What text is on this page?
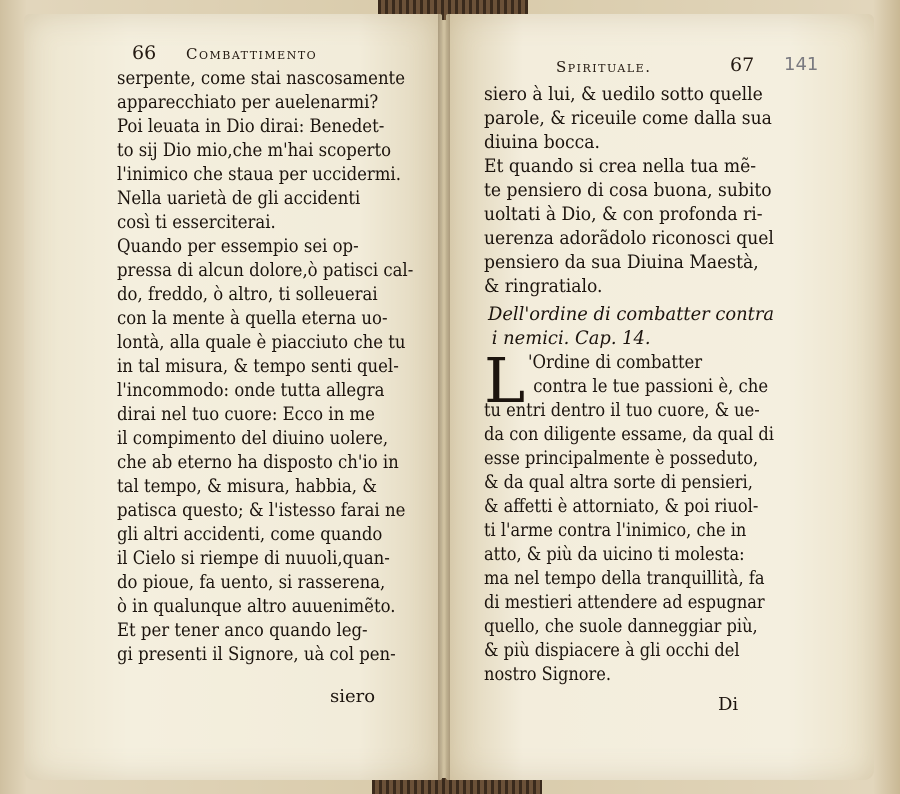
66 Combattimento
serpente, come stai nascosamente
apparecchiato per auelenarmi?
Poi leuata in Dio dirai: Benedet-
to sij Dio mio,che m'hai scoperto
l'inimico che staua per uccidermi.
Nella uarietà de gli accidenti
così ti esserciterai.
Quando per essempio sei op-
pressa di alcun dolore,ò patisci cal-
do, freddo, ò altro, ti solleuerai
con la mente à quella eterna uo-
lontà, alla quale è piacciuto che tu
in tal misura, & tempo senti quel-
l'incommodo: onde tutta allegra
dirai nel tuo cuore: Ecco in me
il compimento del diuino uolere,
che ab eterno ha disposto ch'io in
tal tempo, & misura, habbia, &
patisca questo; & l'istesso farai ne
gli altri accidenti, come quando
il Cielo si riempe di nuuoli,quan-
do pioue, fa uento, si rasserena,
ò in qualunque altro auuenimẽto.
Et per tener anco quando leg-
gi presenti il Signore, uà col pen-
siero
Spirituale.	67 141
siero à lui, & uedilo sotto quelle
parole, & riceuile come dalla sua
diuina bocca.
Et quando si crea nella tua mẽ-
te pensiero di cosa buona, subito
uoltati à Dio, & con profonda ri-
uerenza adorãdolo riconosci quel
pensiero da sua Diuina Maestà,
& ringratialo.
Dell'ordine di combatter contra
i nemici. Cap. 14.
L 'Ordine di combatter
contra le tue passioni è, che
tu entri dentro il tuo cuore, & ue-
da con diligente essame, da qual di
esse principalmente è posseduto,
& da qual altra sorte di pensieri,
& affetti è attorniato, & poi riuol-
ti l'arme contra l'inimico, che in
atto, & più da uicino ti molesta:
ma nel tempo della tranquillità, fa
di mestieri attendere ad espugnar
quello, che suole danneggiar più,
& più dispiacere à gli occhi del
nostro Signore.
Di
